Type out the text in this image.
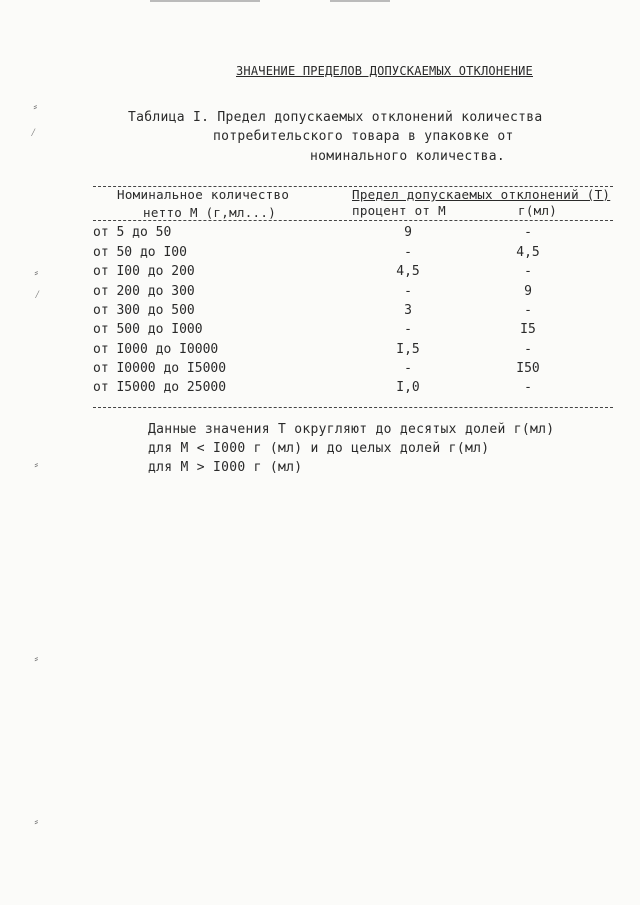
ЗНАЧЕНИЕ ПРЕДЕЛОВ ДОПУСКАЕМЫХ ОТКЛОНЕНИЕ
Таблица I. Предел допускаемых отклонений количества
потребительского товара в упаковке от
номинального количества.
Номинальное количество
нетто М (г,мл...)
Предел допускаемых отклонений (Т)
процент от М	г(мл)
от 5 до 50	9	-
от 50 до I00	-	4,5
от I00 до 200	4,5	-
от 200 до 300	-	9
от 300 до 500	3	-
от 500 до I000	-	I5
от I000 до I0000	I,5	-
от I0000 до I5000	-	I50
от I5000 до 25000	I,0	-
Данные значения Т округляют до десятых долей г(мл)
для М < I000 г (мл) и до целых долей г(мл)
для М > I000 г (мл)
⸗
⁄
⸗
⁄
⸗
⸗
⸗
